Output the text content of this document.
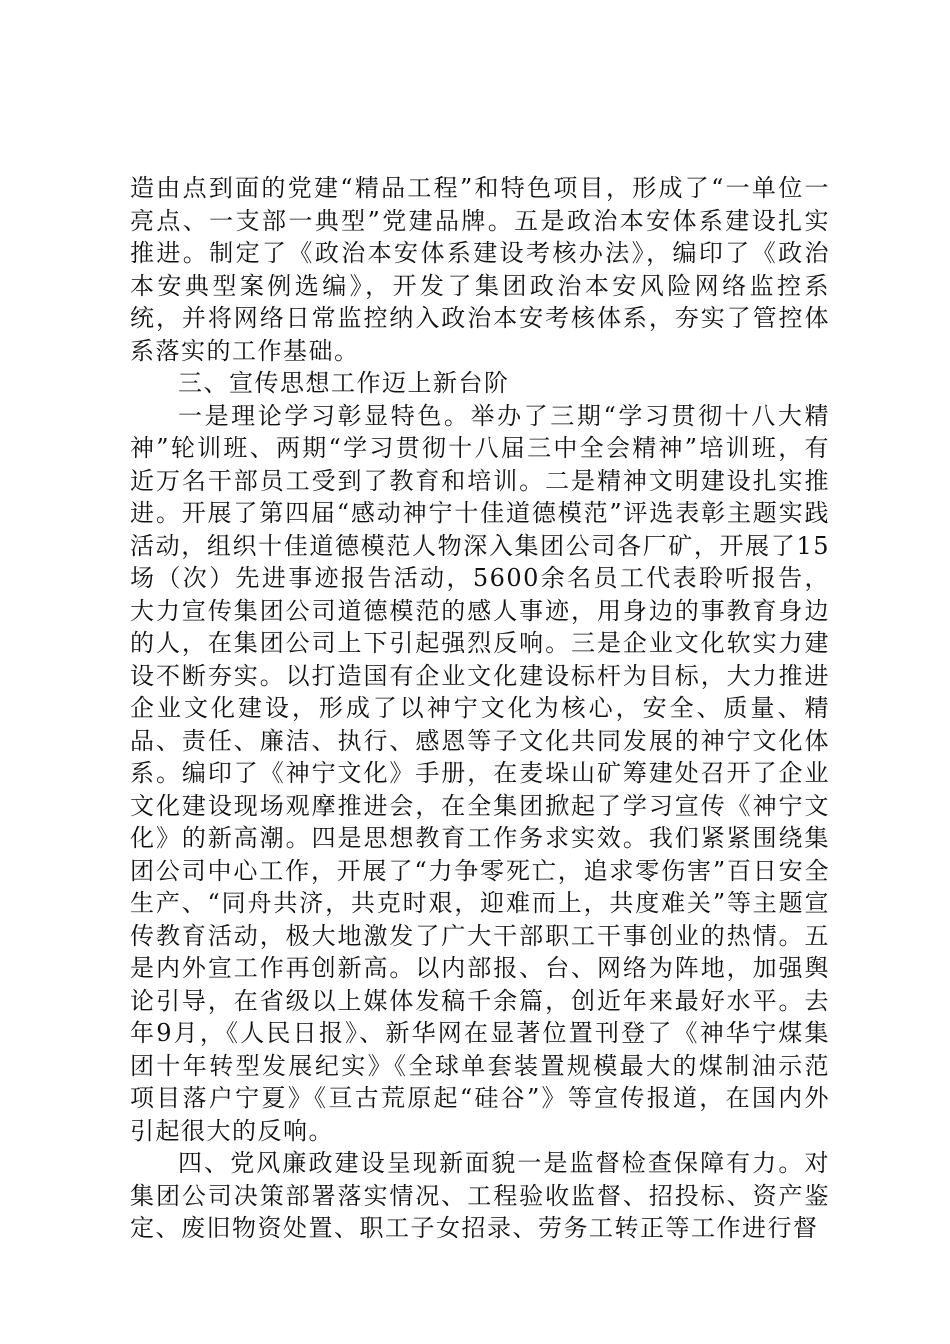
造由点到面的党建“精品工程”和特色项目，形成了“一单位一亮点、一支部一典型”党建品牌。五是政治本安体系建设扎实推进。制定了《政治本安体系建设考核办法》，编印了《政治本安典型案例选编》，开发了集团政治本安风险网络监控系统，并将网络日常监控纳入政治本安考核体系，夯实了管控体系落实的工作基础。

三、宣传思想工作迈上新台阶

一是理论学习彰显特色。举办了三期“学习贯彻十八大精神”轮训班、两期“学习贯彻十八届三中全会精神”培训班，有近万名干部员工受到了教育和培训。二是精神文明建设扎实推进。开展了第四届“感动神宁十佳道德模范”评选表彰主题实践活动，组织十佳道德模范人物深入集团公司各厂矿，开展了15场（次）先进事迹报告活动，5600余名员工代表聆听报告，大力宣传集团公司道德模范的感人事迹，用身边的事教育身边的人，在集团公司上下引起强烈反响。三是企业文化软实力建设不断夯实。以打造国有企业文化建设标杆为目标，大力推进企业文化建设，形成了以神宁文化为核心，安全、质量、精品、责任、廉洁、执行、感恩等子文化共同发展的神宁文化体系。编印了《神宁文化》手册，在麦垛山矿筹建处召开了企业文化建设现场观摩推进会，在全集团掀起了学习宣传《神宁文化》的新高潮。四是思想教育工作务求实效。我们紧紧围绕集团公司中心工作，开展了“力争零死亡，追求零伤害”百日安全生产、“同舟共济，共克时艰，迎难而上，共度难关”等主题宣传教育活动，极大地激发了广大干部职工干事创业的热情。五是内外宣工作再创新高。以内部报、台、网络为阵地，加强舆论引导，在省级以上媒体发稿千余篇，创近年来最好水平。去年9月，《人民日报》、新华网在显著位置刊登了《神华宁煤集团十年转型发展纪实》《全球单套装置规模最大的煤制油示范项目落户宁夏》《亘古荒原起“硅谷”》等宣传报道，在国内外引起很大的反响。

四、党风廉政建设呈现新面貌一是监督检查保障有力。对集团公司决策部署落实情况、工程验收监督、招投标、资产鉴定、废旧物资处置、职工子女招录、劳务工转正等工作进行督
